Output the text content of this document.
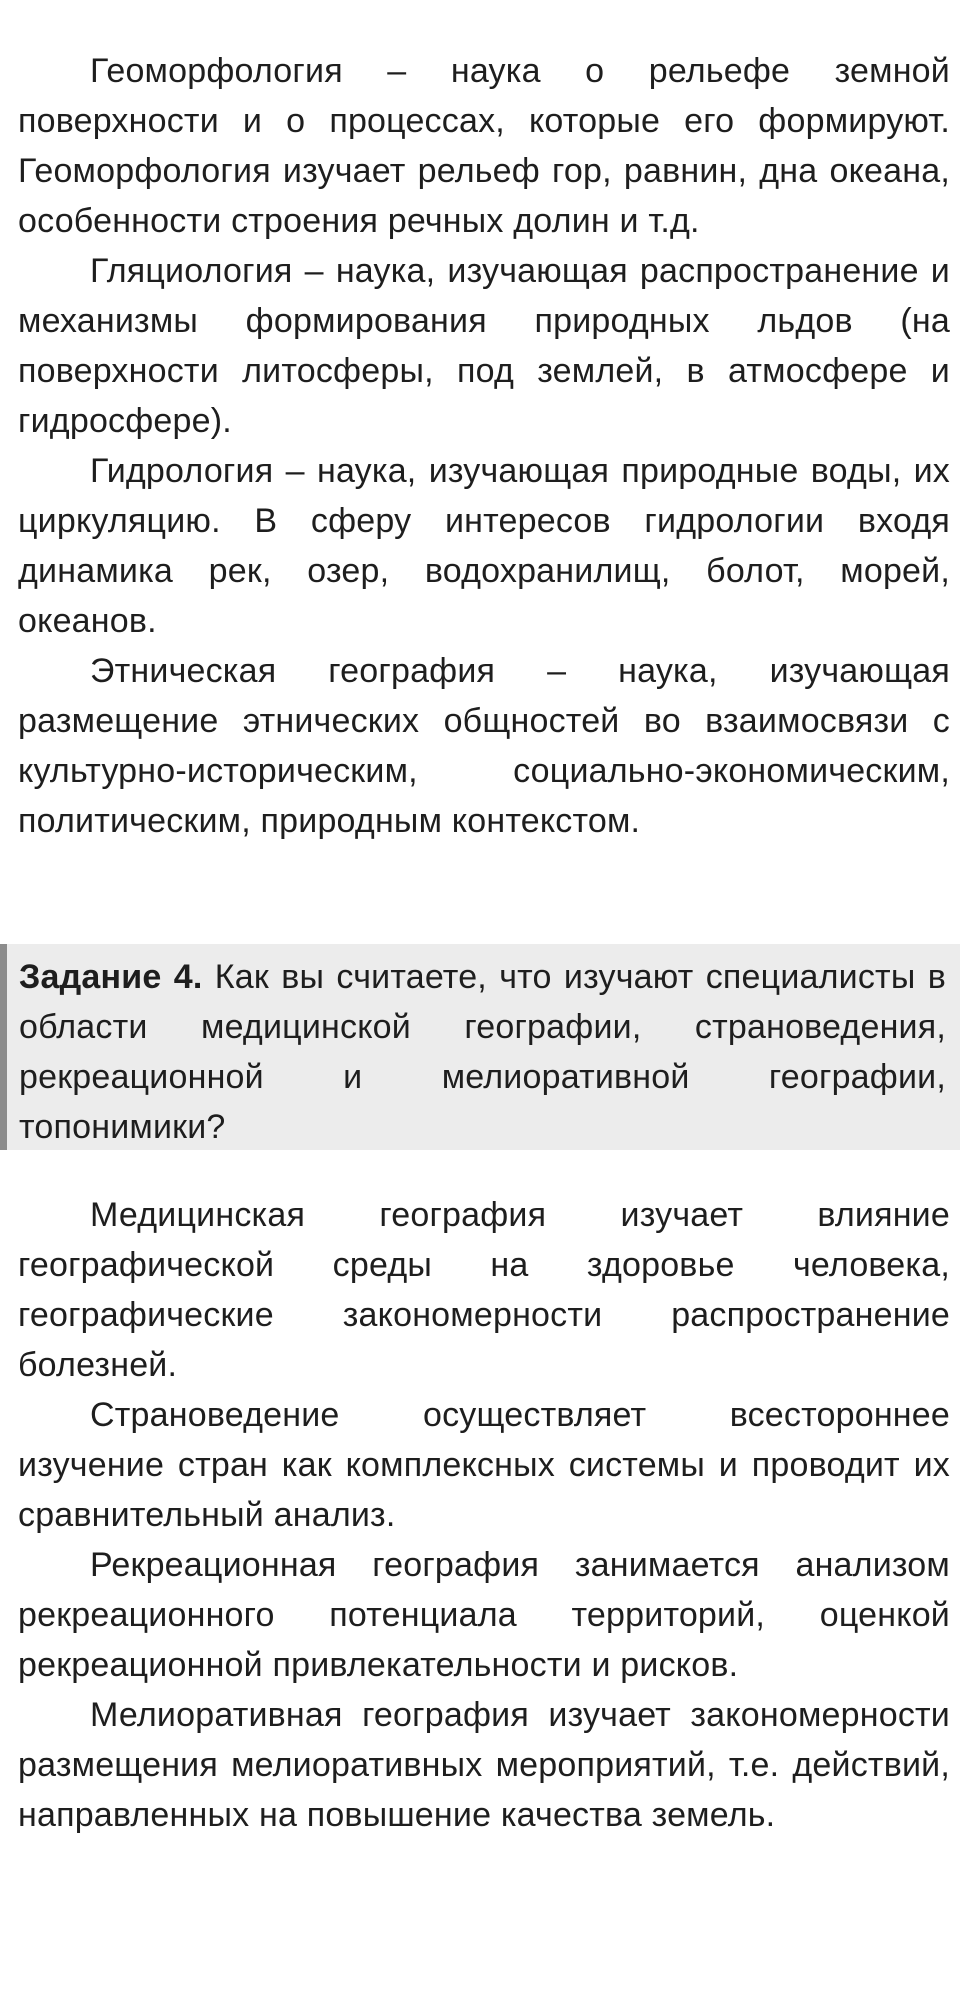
Геоморфология – наука о рельефе земной поверхности и о процессах, которые его формируют. Геоморфология изучает рельеф гор, равнин, дна океана, особенности строения речных долин и т.д.

Гляциология – наука, изучающая распространение и механизмы формирования природных льдов (на поверхности литосферы, под землей, в атмосфере и гидросфере).

Гидрология – наука, изучающая природные воды, их циркуляцию. В сферу интересов гидрологии входя динамика рек, озер, водохранилищ, болот, морей, океанов.

Этническая география – наука, изучающая размещение этнических общностей во взаимосвязи с культурно-историческим, социально-экономическим, политическим, природным контекстом.

Задание 4. Как вы считаете, что изучают специалисты в области медицинской географии, страноведения, рекреационной и мелиоративной географии, топонимики?

Медицинская география изучает влияние географической среды на здоровье человека, географические закономерности распространение болезней.

Страноведение осуществляет всестороннее изучение стран как комплексных системы и проводит их сравнительный анализ.

Рекреационная география занимается анализом рекреационного потенциала территорий, оценкой рекреационной привлекательности и рисков.

Мелиоративная география изучает закономерности размещения мелиоративных мероприятий, т.е. действий, направленных на повышение качества земель.
